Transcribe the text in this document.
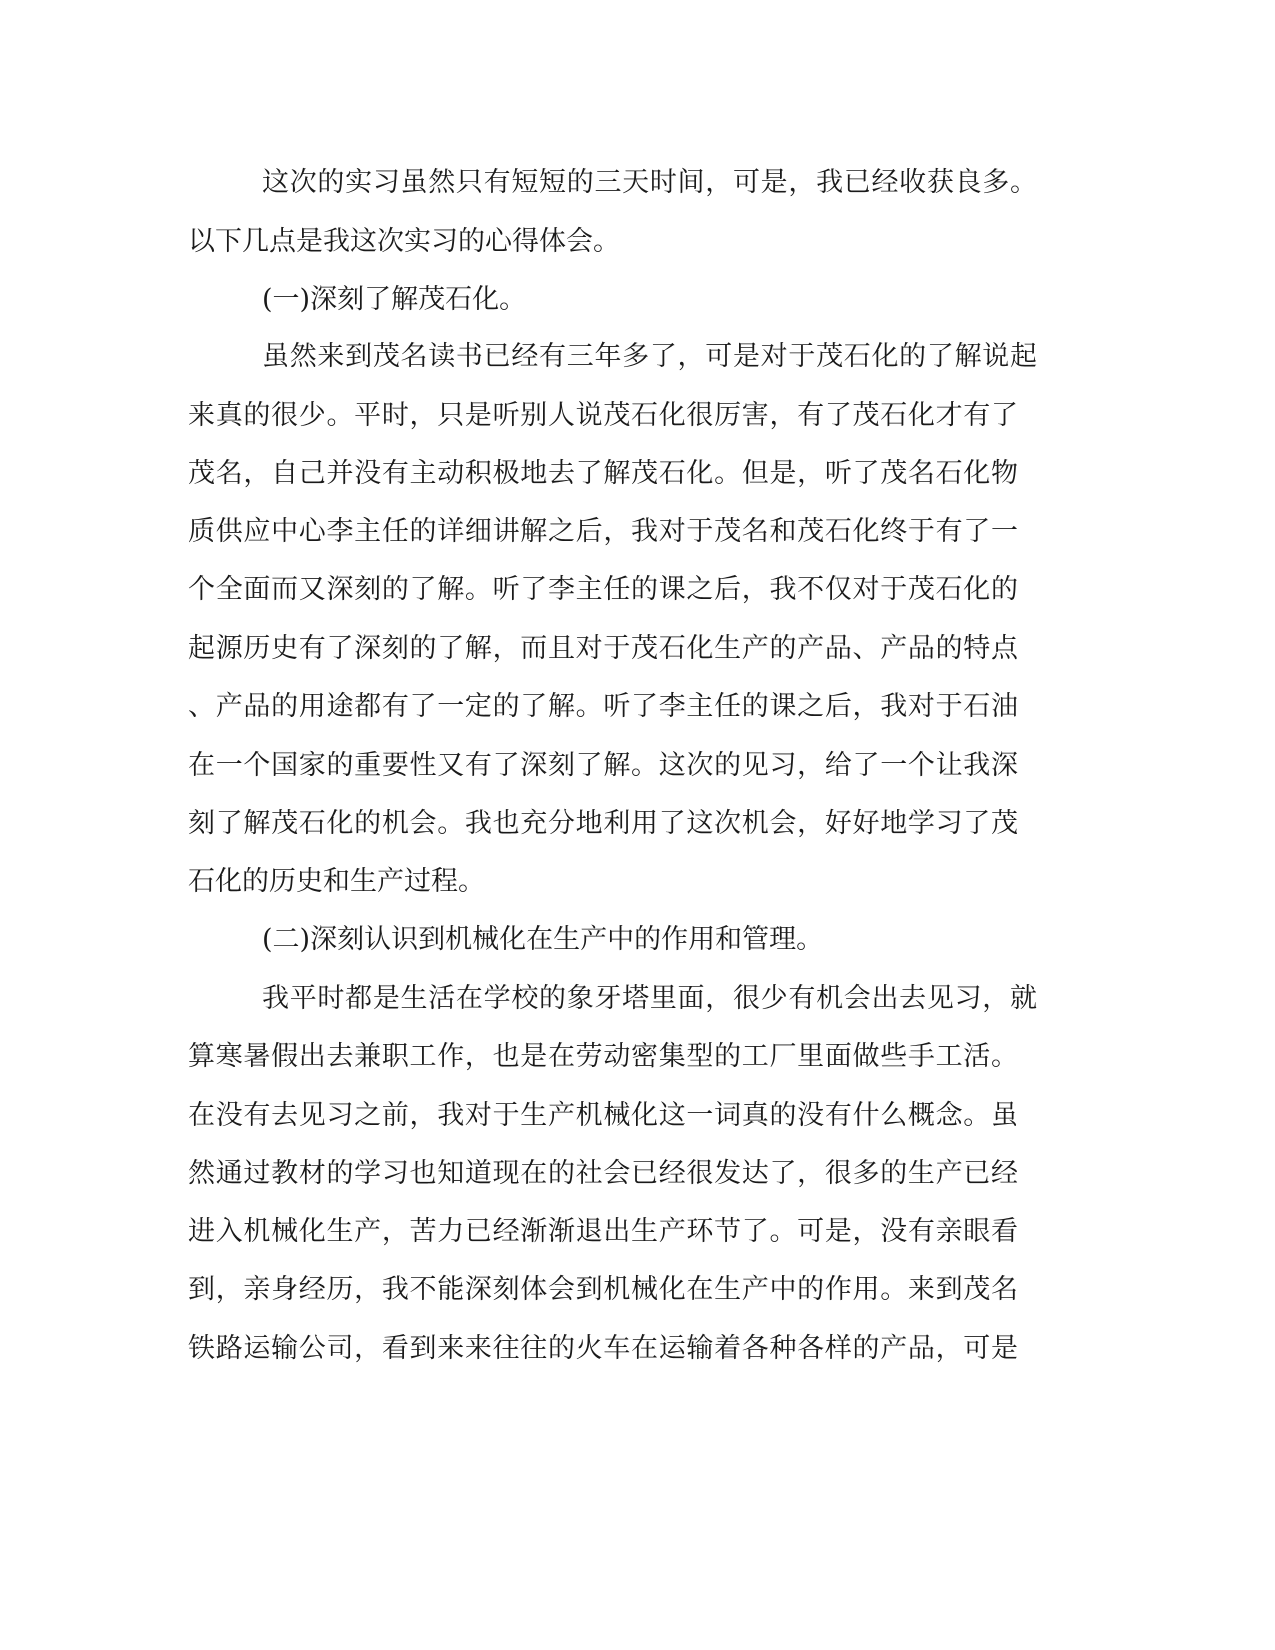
这次的实习虽然只有短短的三天时间，可是，我已经收获良多。
以下几点是我这次实习的心得体会。
(一)深刻了解茂石化。
虽然来到茂名读书已经有三年多了，可是对于茂石化的了解说起
来真的很少。平时，只是听别人说茂石化很厉害，有了茂石化才有了
茂名，自己并没有主动积极地去了解茂石化。但是，听了茂名石化物
质供应中心李主任的详细讲解之后，我对于茂名和茂石化终于有了一
个全面而又深刻的了解。听了李主任的课之后，我不仅对于茂石化的
起源历史有了深刻的了解，而且对于茂石化生产的产品、产品的特点
、产品的用途都有了一定的了解。听了李主任的课之后，我对于石油
在一个国家的重要性又有了深刻了解。这次的见习，给了一个让我深
刻了解茂石化的机会。我也充分地利用了这次机会，好好地学习了茂
石化的历史和生产过程。
(二)深刻认识到机械化在生产中的作用和管理。
我平时都是生活在学校的象牙塔里面，很少有机会出去见习，就
算寒暑假出去兼职工作，也是在劳动密集型的工厂里面做些手工活。
在没有去见习之前，我对于生产机械化这一词真的没有什么概念。虽
然通过教材的学习也知道现在的社会已经很发达了，很多的生产已经
进入机械化生产，苦力已经渐渐退出生产环节了。可是，没有亲眼看
到，亲身经历，我不能深刻体会到机械化在生产中的作用。来到茂名
铁路运输公司，看到来来往往的火车在运输着各种各样的产品，可是
